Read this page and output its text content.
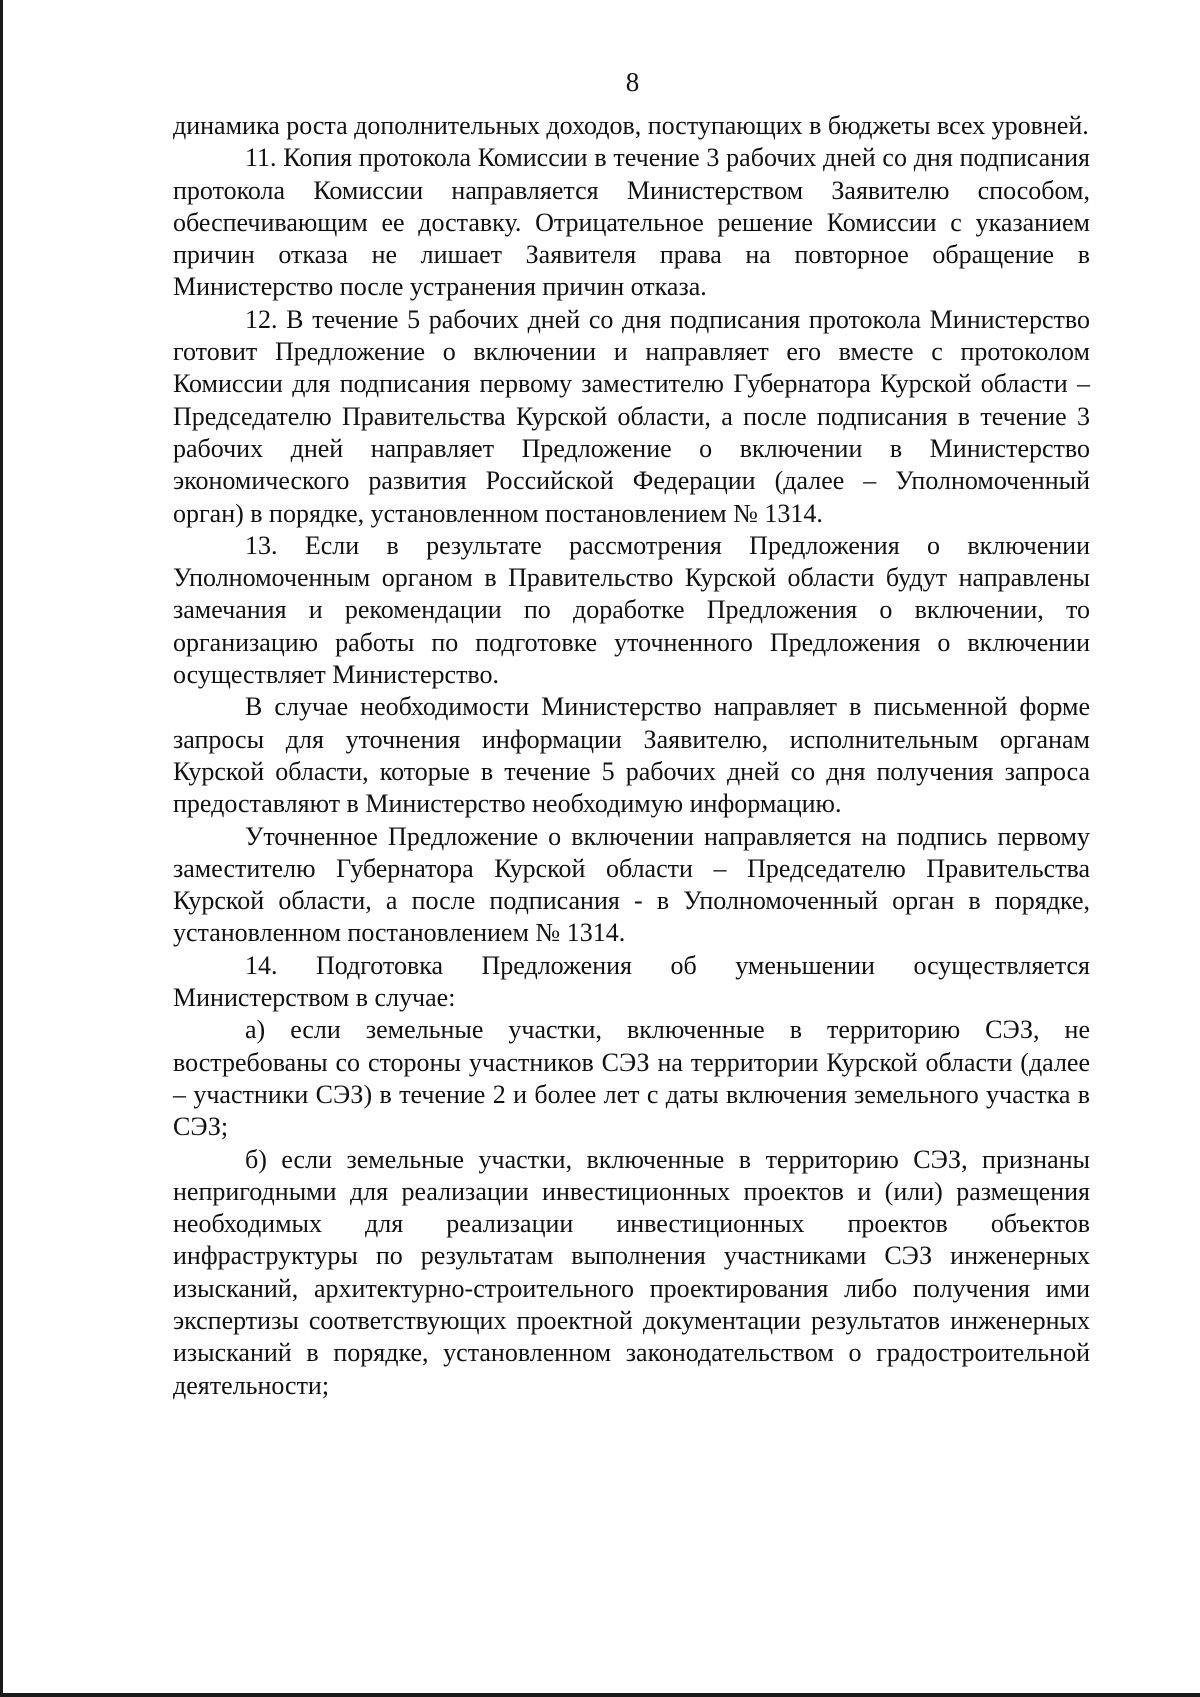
8

динамика роста дополнительных доходов, поступающих в бюджеты всех уровней.

11. Копия протокола Комиссии в течение 3 рабочих дней со дня подписания протокола Комиссии направляется Министерством Заявителю способом, обеспечивающим ее доставку. Отрицательное решение Комиссии с указанием причин отказа не лишает Заявителя права на повторное обращение в Министерство после устранения причин отказа.

12. В течение 5 рабочих дней со дня подписания протокола Министерство готовит Предложение о включении и направляет его вместе с протоколом Комиссии для подписания первому заместителю Губернатора Курской области – Председателю Правительства Курской области, а после подписания в течение 3 рабочих дней направляет Предложение о включении в Министерство экономического развития Российской Федерации (далее – Уполномоченный орган) в порядке, установленном постановлением № 1314.

13. Если в результате рассмотрения Предложения о включении Уполномоченным органом в Правительство Курской области будут направлены замечания и рекомендации по доработке Предложения о включении, то организацию работы по подготовке уточненного Предложения о включении осуществляет Министерство.

В случае необходимости Министерство направляет в письменной форме запросы для уточнения информации Заявителю, исполнительным органам Курской области, которые в течение 5 рабочих дней со дня получения запроса предоставляют в Министерство необходимую информацию.

Уточненное Предложение о включении направляется на подпись первому заместителю Губернатора Курской области – Председателю Правительства Курской области, а после подписания - в Уполномоченный орган в порядке, установленном постановлением № 1314.

14. Подготовка Предложения об уменьшении осуществляется Министерством в случае:

а) если земельные участки, включенные в территорию СЭЗ, не востребованы со стороны участников СЭЗ на территории Курской области (далее – участники СЭЗ) в течение 2 и более лет с даты включения земельного участка в СЭЗ;

б) если земельные участки, включенные в территорию СЭЗ, признаны непригодными для реализации инвестиционных проектов и (или) размещения необходимых для реализации инвестиционных проектов объектов инфраструктуры по результатам выполнения участниками СЭЗ инженерных изысканий, архитектурно-строительного проектирования либо получения ими экспертизы соответствующих проектной документации результатов инженерных изысканий в порядке, установленном законодательством о градостроительной деятельности;
